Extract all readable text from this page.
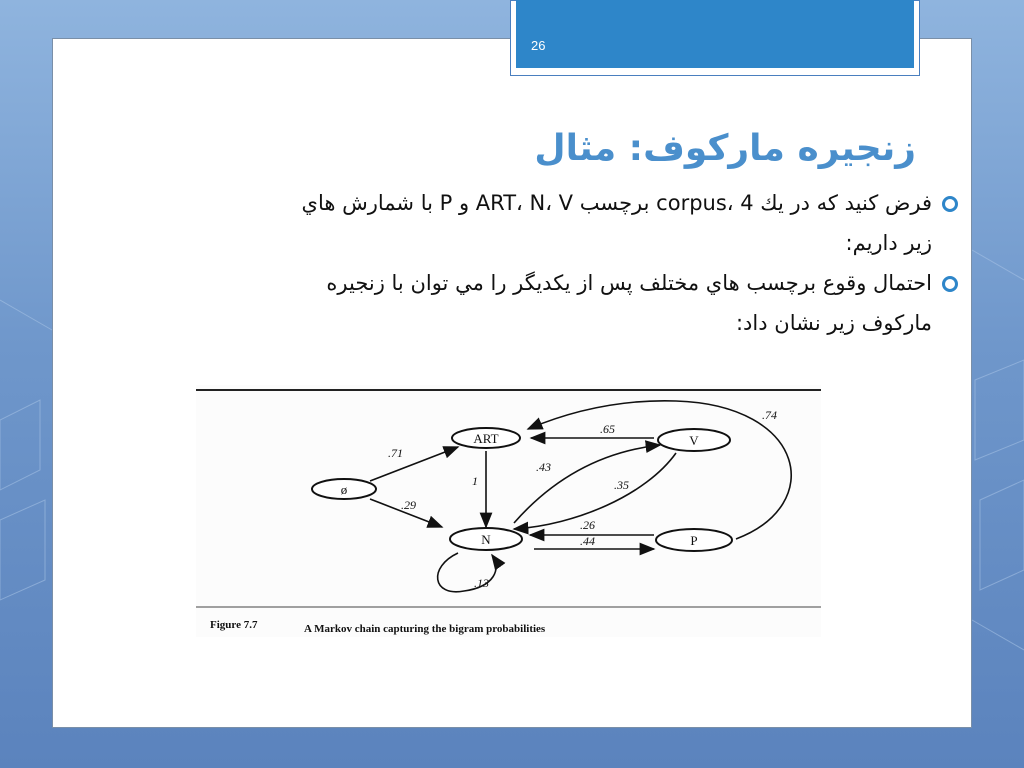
26
زنجيره ماركوف: مثال
فرض كنيد كه در يك corpus، 4 برچسب ART، N، V و P با شمارش هاي
زير داريم:
احتمال وقوع برچسب هاي مختلف پس از يكديگر را مي توان با زنجيره
ماركوف زير نشان داد:
ø
ART	V
N	P
.71
.29
1
.65
.43
.35
.26
.44
.13
.74
Figure 7.7	A Markov chain capturing the bigram probabilities
